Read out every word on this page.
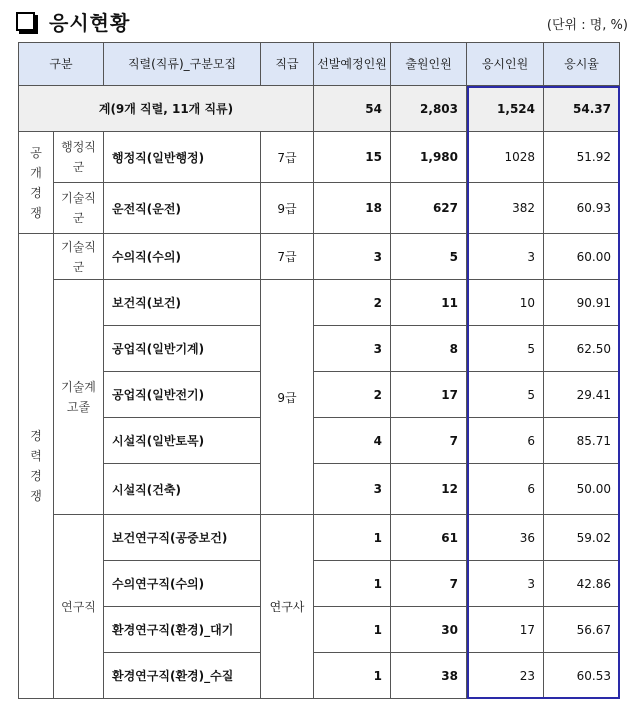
응시현황	(단위 : 명, %)
구분		직렬(직류)_구분모집	직급	선발예정인원	출원인원	응시인원	응시율
계(9개 직렬, 11개 직류)				54	2,803	1,524	54.37
공개경쟁	행정직군	행정직(일반행정)	7급	15	1,980	1028	51.92
	기술직군	운전직(운전)	9급	18	627	382	60.93
경력경쟁	기술직군	수의직(수의)	7급	3	5	3	60.00
	기술계고졸	보건직(보건)	9급	2	11	10	90.91
		공업직(일반기계)		3	8	5	62.50
		공업직(일반전기)		2	17	5	29.41
		시설직(일반토목)		4	7	6	85.71
		시설직(건축)		3	12	6	50.00
	연구직	보건연구직(공중보건)	연구사	1	61	36	59.02
		수의연구직(수의)		1	7	3	42.86
		환경연구직(환경)_대기		1	30	17	56.67
		환경연구직(환경)_수질		1	38	23	60.53
